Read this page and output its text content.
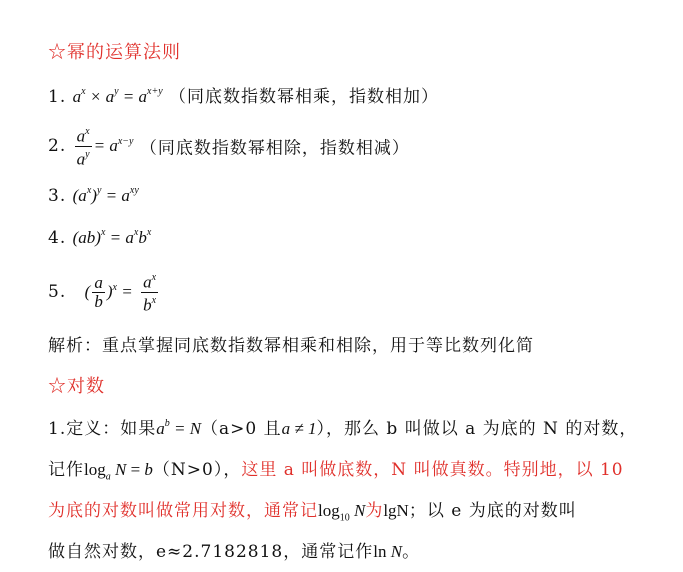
☆幂的运算法则
1. $a^x \times a^y = a^{x+y}$ （同底数指数幂相乘，指数相加）
2. $\frac{a^x}{a^y} = a^{x-y}$ （同底数指数幂相除，指数相减）
3. $(a^x)^y = a^{xy}$
4. $(ab)^x = a^xb^x$
5. ( $\frac{a}{b} )^x = \frac{a^x}{b^x}$
解析：重点掌握同底数指数幂相乘和相除，用于等比数列化简
☆对数
1.定义：如果$a^b = N(a>0$ 且a ≠ 1），那么 b 叫做以 a 为底的 N 的对数，
记作$\log_a N = b(N>0)$，这里 a 叫做底数，N 叫做真数。特别地，以 10
为底的对数叫做常用对数，通常记$\log_{10} N$为lgN；以 e 为底的对数叫
做自然对数，e≈2.7182818，通常记作ln N。
